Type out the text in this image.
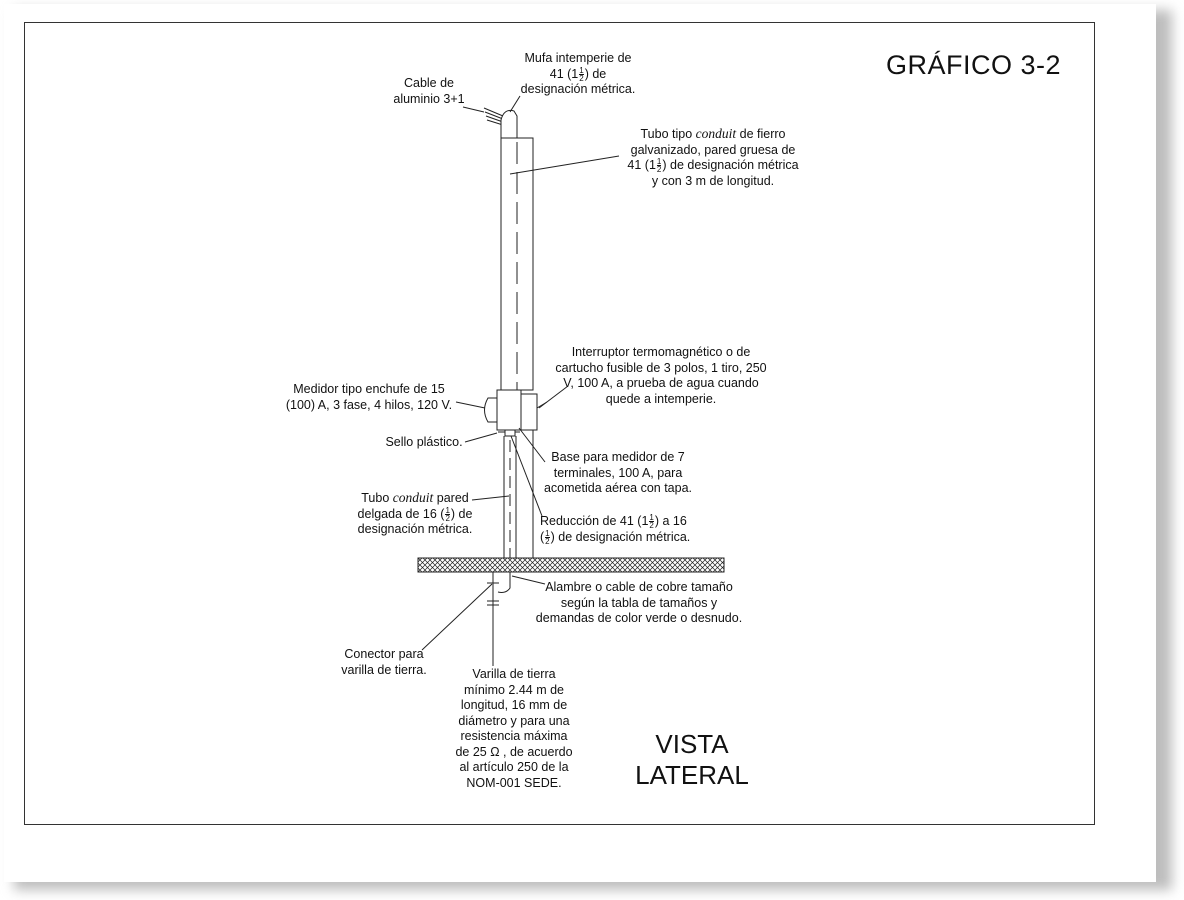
GRÁFICO 3-2
VISTA
LATERAL
Mufa intemperie de
41 ($1 \frac{1}{2}$ ) de
designación métrica.
Cable de
aluminio 3+1
Tubo tipo conduit de fierro
galvanizado, pared gruesa de
41 ($1 \frac{1}{2}$ ) de designación métrica
y con 3 m de longitud.
Interruptor termomagnético o de
cartucho fusible de 3 polos, 1 tiro, 250
V, 100 A, a prueba de agua cuando
quede a intemperie.
Medidor tipo enchufe de 15
(100) A, 3 fase, 4 hilos, 120 V.
Sello plástico.
Base para medidor de 7
terminales, 100 A, para
acometida aérea con tapa.
Tubo conduit pared
delgada de 16 ( $\frac{1}{2}$ ) de
designación métrica.
Reducción de 41 ($1 \frac{1}{2}$ ) a 16
( $\frac{1}{2}$ ) de designación métrica.
Alambre o cable de cobre tamaño
según la tabla de tamaños y
demandas de color verde o desnudo.
Conector para
varilla de tierra.	Varilla de tierra
mínimo 2.44 m de
longitud, 16 mm de
diámetro y para una
resistencia máxima
de 25 Ω , de acuerdo
al artículo 250 de la
NOM-001 SEDE.
